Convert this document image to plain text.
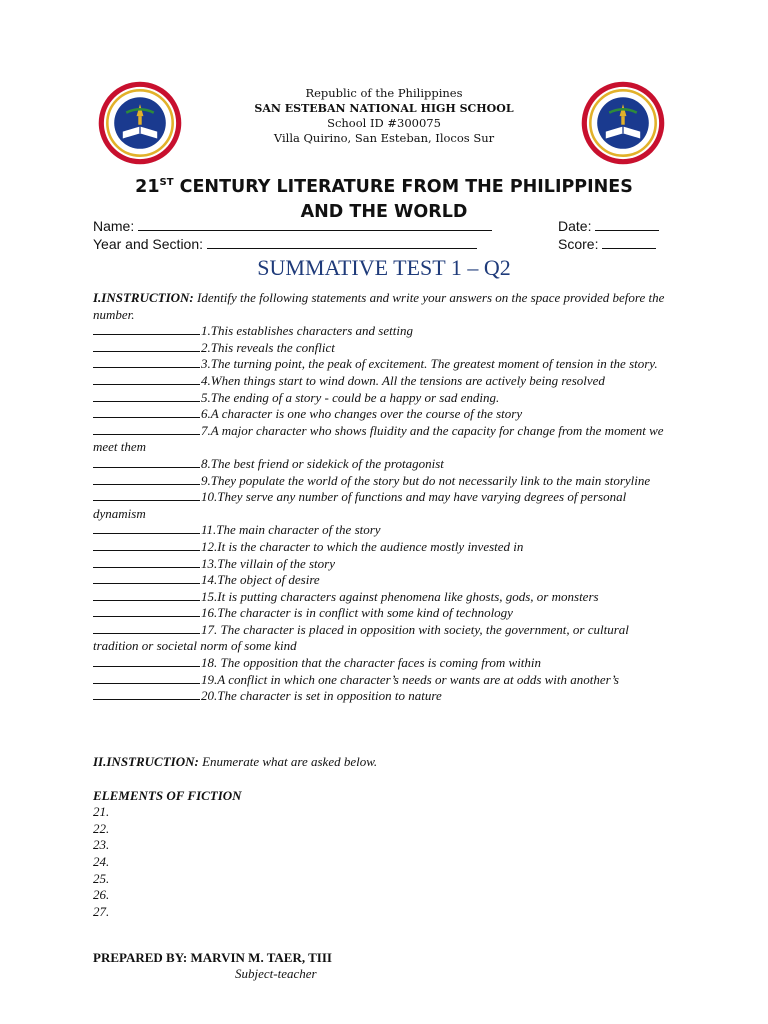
Republic of the Philippines
SAN ESTEBAN NATIONAL HIGH SCHOOL
School ID #300075
Villa Quirino, San Esteban, Ilocos Sur
21ST CENTURY LITERATURE FROM THE PHILIPPINES
AND THE WORLD
Name:	Date:
Year and Section:	Score:
SUMMATIVE TEST 1 – Q2

I.INSTRUCTION: Identify the following statements and write your answers on the space provided before the number.

1.This establishes characters and setting

2.This reveals the conflict

3.The turning point, the peak of excitement. The greatest moment of tension in the story.

4.When things start to wind down. All the tensions are actively being resolved

5.The ending of a story - could be a happy or sad ending.

6.A character is one who changes over the course of the story

7.A major character who shows fluidity and the capacity for change from the moment we meet them

8.The best friend or sidekick of the protagonist

9.They populate the world of the story but do not necessarily link to the main storyline

10.They serve any number of functions and may have varying degrees of personal dynamism

11.The main character of the story

12.It is the character to which the audience mostly invested in

13.The villain of the story

14.The object of desire

15.It is putting characters against phenomena like ghosts, gods, or monsters

16.The character is in conflict with some kind of technology

17. The character is placed in opposition with society, the government, or cultural tradition or societal norm of some kind

18. The opposition that the character faces is coming from within

19.A conflict in which one character’s needs or wants are at odds with another’s

20.The character is set in opposition to nature

II.INSTRUCTION: Enumerate what are asked below.

ELEMENTS OF FICTION

21.

22.

23.

24.

25.

26.

27.

PREPARED BY: MARVIN M. TAER, TIII
Subject-teacher
